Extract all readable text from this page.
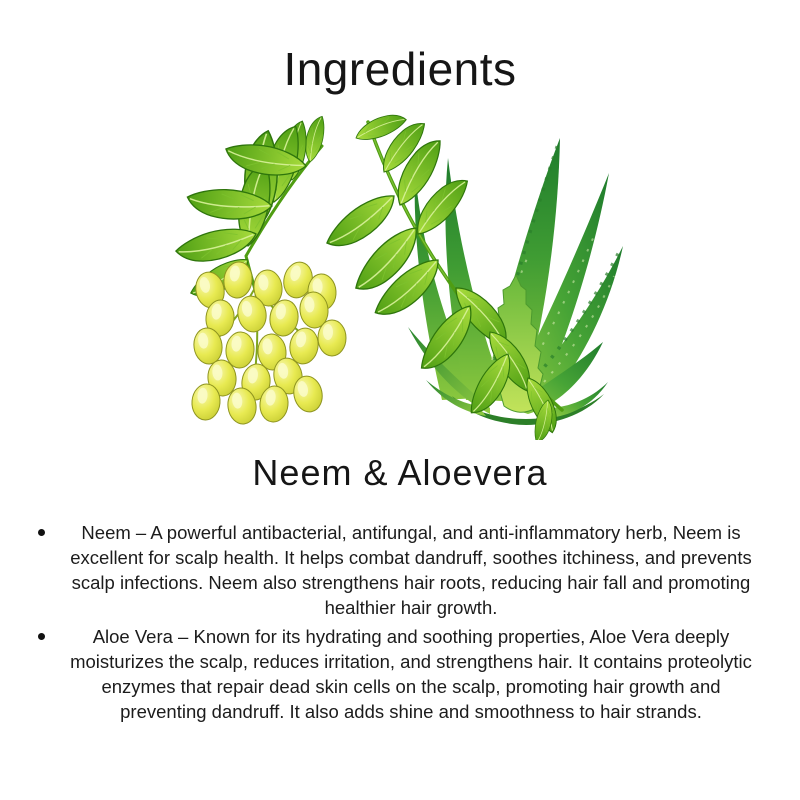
Ingredients
Neem & Aloevera
Neem – A powerful antibacterial, antifungal, and anti-inflammatory herb, Neem is excellent for scalp health. It helps combat dandruff, soothes itchiness, and prevents scalp infections. Neem also strengthens hair roots, reducing hair fall and promoting healthier hair growth.
Aloe Vera – Known for its hydrating and soothing properties, Aloe Vera deeply moisturizes the scalp, reduces irritation, and strengthens hair. It contains proteolytic enzymes that repair dead skin cells on the scalp, promoting hair growth and preventing dandruff. It also adds shine and smoothness to hair strands.
